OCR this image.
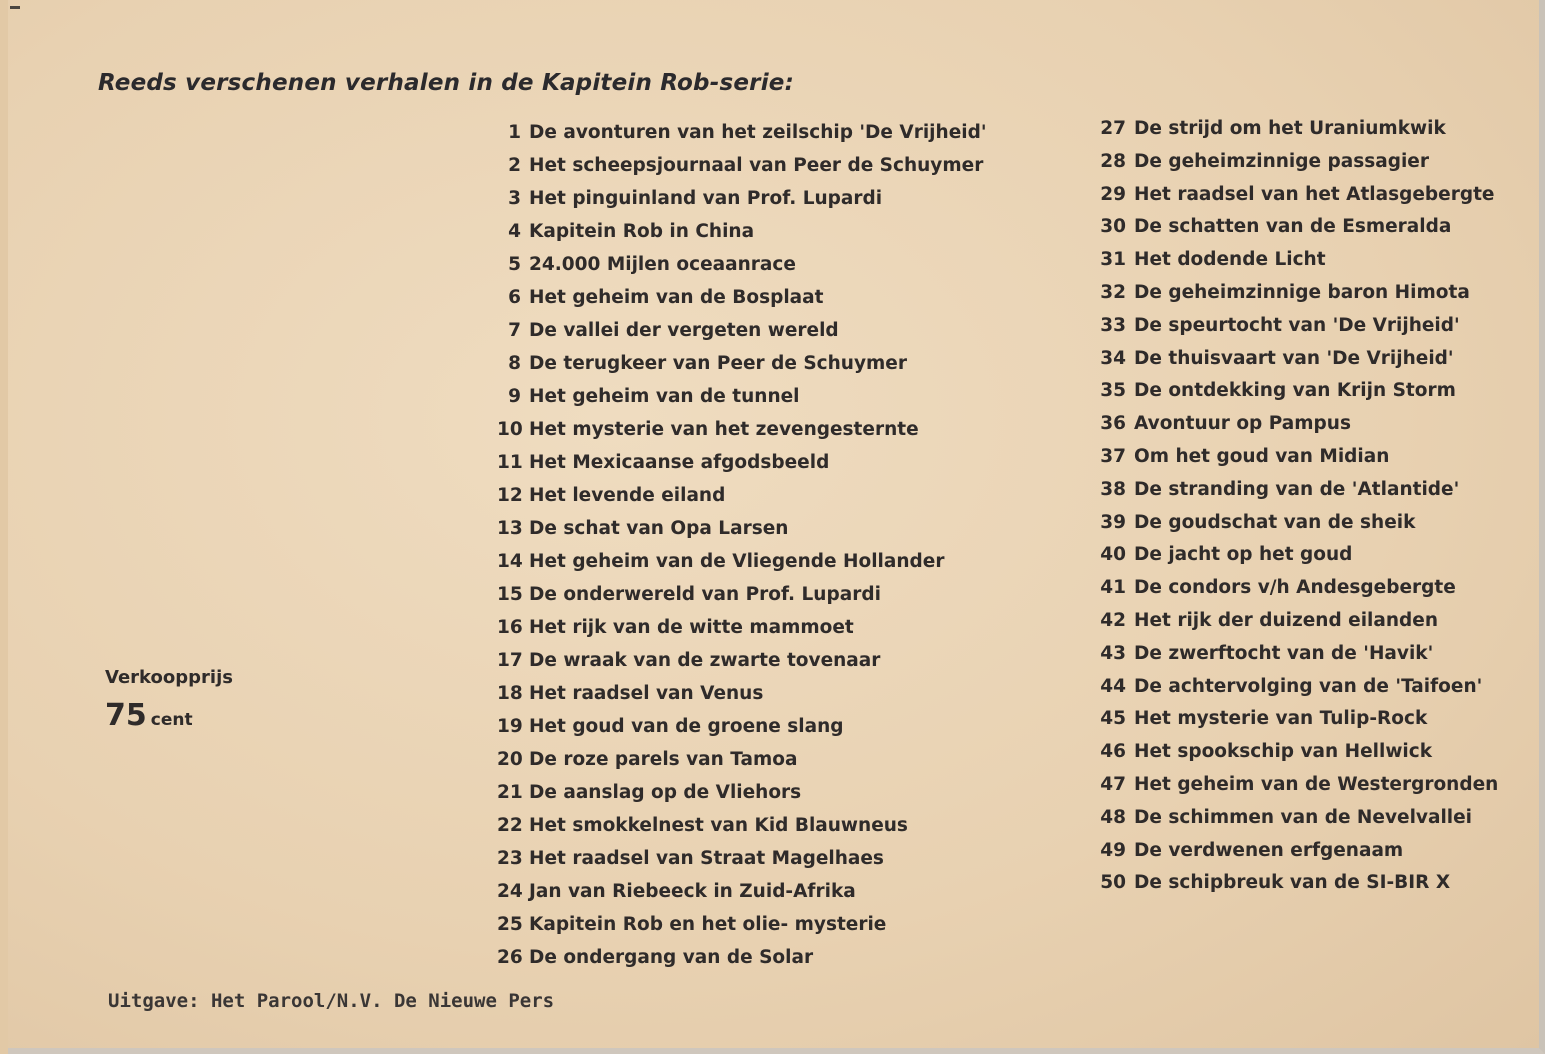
Reeds verschenen verhalen in de Kapitein Rob-serie:
1 De avonturen van het zeilschip 'De Vrijheid'
2 Het scheepsjournaal van Peer de Schuymer
3 Het pinguinland van Prof. Lupardi
4 Kapitein Rob in China
5 24.000 Mijlen oceaanrace
6 Het geheim van de Bosplaat
7 De vallei der vergeten wereld
8 De terugkeer van Peer de Schuymer
9 Het geheim van de tunnel
10 Het mysterie van het zevengesternte
11 Het Mexicaanse afgodsbeeld
12 Het levende eiland
13 De schat van Opa Larsen
14 Het geheim van de Vliegende Hollander
15 De onderwereld van Prof. Lupardi
16 Het rijk van de witte mammoet
17 De wraak van de zwarte tovenaar
18 Het raadsel van Venus
19 Het goud van de groene slang
20 De roze parels van Tamoa
21 De aanslag op de Vliehors
22 Het smokkelnest van Kid Blauwneus
23 Het raadsel van Straat Magelhaes
24 Jan van Riebeeck in Zuid-Afrika
25 Kapitein Rob en het olie- mysterie
26 De ondergang van de Solar
27 De strijd om het Uraniumkwik
28 De geheimzinnige passagier
29 Het raadsel van het Atlasgebergte
30 De schatten van de Esmeralda
31 Het dodende Licht
32 De geheimzinnige baron Himota
33 De speurtocht van 'De Vrijheid'
34 De thuisvaart van 'De Vrijheid'
35 De ontdekking van Krijn Storm
36 Avontuur op Pampus
37 Om het goud van Midian
38 De stranding van de 'Atlantide'
39 De goudschat van de sheik
40 De jacht op het goud
41 De condors v/h Andesgebergte
42 Het rijk der duizend eilanden
43 De zwerftocht van de 'Havik'
44 De achtervolging van de 'Taifoen'
45 Het mysterie van Tulip-Rock
46 Het spookschip van Hellwick
47 Het geheim van de Westergronden
48 De schimmen van de Nevelvallei
49 De verdwenen erfgenaam
50 De schipbreuk van de SI-BIR X
Verkoopprijs
75 cent
Uitgave: Het Parool/N.V. De Nieuwe Pers
